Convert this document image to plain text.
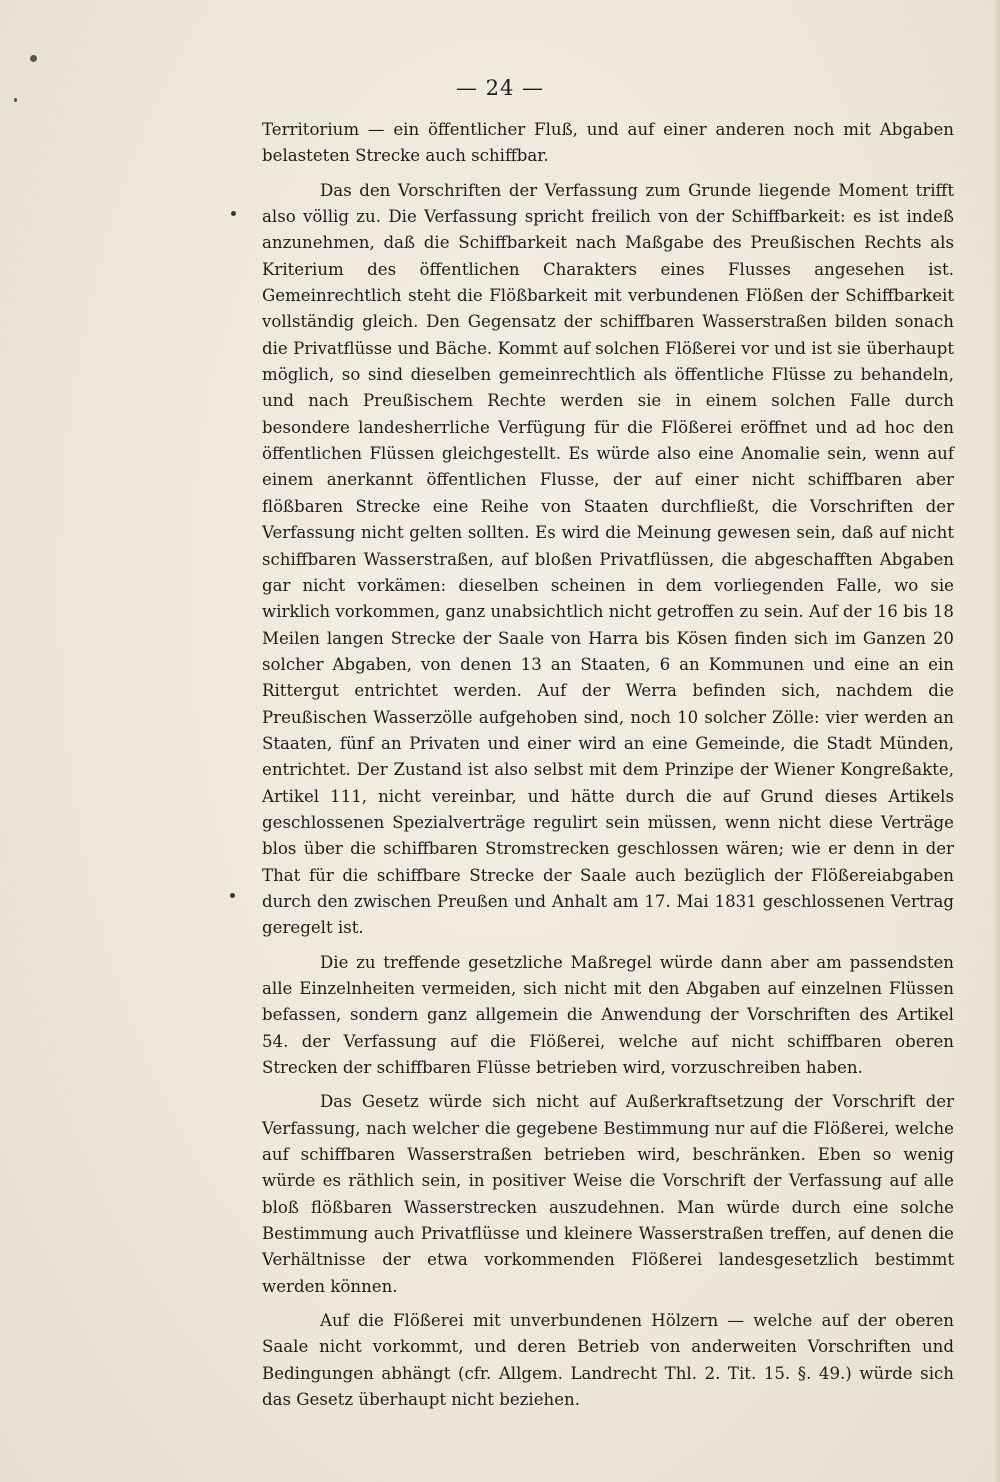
— 24 —

Territorium — ein öffentlicher Fluß, und auf einer anderen noch mit Abgaben belasteten Strecke auch schiffbar.

Das den Vorschriften der Verfassung zum Grunde liegende Moment trifft also völlig zu. Die Verfassung spricht freilich von der Schiffbarkeit: es ist indeß anzunehmen, daß die Schiffbarkeit nach Maßgabe des Preußischen Rechts als Kriterium des öffentlichen Charakters eines Flusses angesehen ist. Gemeinrechtlich steht die Flößbarkeit mit verbundenen Flößen der Schiffbarkeit vollständig gleich. Den Gegensatz der schiffbaren Wasserstraßen bilden sonach die Privatflüsse und Bäche. Kommt auf solchen Flößerei vor und ist sie überhaupt möglich, so sind dieselben gemeinrechtlich als öffentliche Flüsse zu behandeln, und nach Preußischem Rechte werden sie in einem solchen Falle durch besondere landesherrliche Verfügung für die Flößerei eröffnet und ad hoc den öffentlichen Flüssen gleichgestellt. Es würde also eine Anomalie sein, wenn auf einem anerkannt öffentlichen Flusse, der auf einer nicht schiffbaren aber flößbaren Strecke eine Reihe von Staaten durchfließt, die Vorschriften der Verfassung nicht gelten sollten. Es wird die Meinung gewesen sein, daß auf nicht schiffbaren Wasserstraßen, auf bloßen Privatflüssen, die abgeschafften Abgaben gar nicht vorkämen: dieselben scheinen in dem vorliegenden Falle, wo sie wirklich vorkommen, ganz unabsichtlich nicht getroffen zu sein. Auf der 16 bis 18 Meilen langen Strecke der Saale von Harra bis Kösen finden sich im Ganzen 20 solcher Abgaben, von denen 13 an Staaten, 6 an Kommunen und eine an ein Rittergut entrichtet werden. Auf der Werra befinden sich, nachdem die Preußischen Wasserzölle aufgehoben sind, noch 10 solcher Zölle: vier werden an Staaten, fünf an Privaten und einer wird an eine Gemeinde, die Stadt Münden, entrichtet. Der Zustand ist also selbst mit dem Prinzipe der Wiener Kongreßakte, Artikel 111, nicht vereinbar, und hätte durch die auf Grund dieses Artikels geschlossenen Spezialverträge regulirt sein müssen, wenn nicht diese Verträge blos über die schiffbaren Stromstrecken geschlossen wären; wie er denn in der That für die schiffbare Strecke der Saale auch bezüglich der Flößereiabgaben durch den zwischen Preußen und Anhalt am 17. Mai 1831 geschlossenen Vertrag geregelt ist.

Die zu treffende gesetzliche Maßregel würde dann aber am passendsten alle Einzelnheiten vermeiden, sich nicht mit den Abgaben auf einzelnen Flüssen befassen, sondern ganz allgemein die Anwendung der Vorschriften des Artikel 54. der Verfassung auf die Flößerei, welche auf nicht schiffbaren oberen Strecken der schiffbaren Flüsse betrieben wird, vorzuschreiben haben.

Das Gesetz würde sich nicht auf Außerkraftsetzung der Vorschrift der Verfassung, nach welcher die gegebene Bestimmung nur auf die Flößerei, welche auf schiffbaren Wasserstraßen betrieben wird, beschränken. Eben so wenig würde es räthlich sein, in positiver Weise die Vorschrift der Verfassung auf alle bloß flößbaren Wasserstrecken auszudehnen. Man würde durch eine solche Bestimmung auch Privatflüsse und kleinere Wasserstraßen treffen, auf denen die Verhältnisse der etwa vorkommenden Flößerei landesgesetzlich bestimmt werden können.

Auf die Flößerei mit unverbundenen Hölzern — welche auf der oberen Saale nicht vorkommt, und deren Betrieb von anderweiten Vorschriften und Bedingungen abhängt (cfr. Allgem. Landrecht Thl. 2. Tit. 15. §. 49.) würde sich das Gesetz überhaupt nicht beziehen.
